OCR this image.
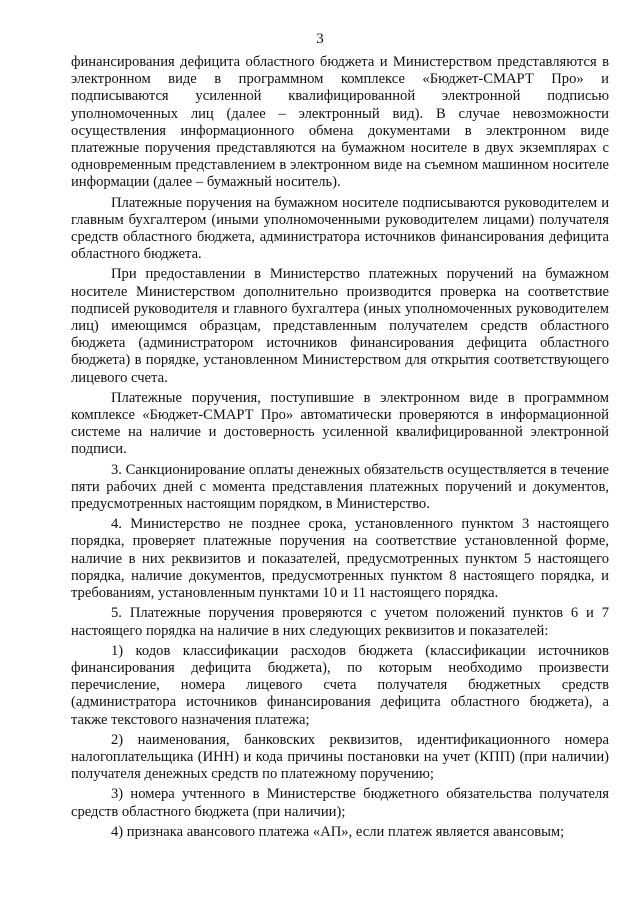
3

финансирования дефицита областного бюджета и Министерством представляются в электронном виде в программном комплексе «Бюджет-СМАРТ Про» и подписываются усиленной квалифицированной электронной подписью уполномоченных лиц (далее – электронный вид). В случае невозможности осуществления информационного обмена документами в электронном виде платежные поручения представляются на бумажном носителе в двух экземплярах с одновременным представлением в электронном виде на съемном машинном носителе информации (далее – бумажный носитель).

Платежные поручения на бумажном носителе подписываются руководителем и главным бухгалтером (иными уполномоченными руководителем лицами) получателя средств областного бюджета, администратора источников финансирования дефицита областного бюджета.

При предоставлении в Министерство платежных поручений на бумажном носителе Министерством дополнительно производится проверка на соответствие подписей руководителя и главного бухгалтера (иных уполномоченных руководителем лиц) имеющимся образцам, представленным получателем средств областного бюджета (администратором источников финансирования дефицита областного бюджета) в порядке, установленном Министерством для открытия соответствующего лицевого счета.

Платежные поручения, поступившие в электронном виде в программном комплексе «Бюджет-СМАРТ Про» автоматически проверяются в информационной системе на наличие и достоверность усиленной квалифицированной электронной подписи.

3. Санкционирование оплаты денежных обязательств осуществляется в течение пяти рабочих дней с момента представления платежных поручений и документов, предусмотренных настоящим порядком, в Министерство.

4. Министерство не позднее срока, установленного пунктом 3 настоящего порядка, проверяет платежные поручения на соответствие установленной форме, наличие в них реквизитов и показателей, предусмотренных пунктом 5 настоящего порядка, наличие документов, предусмотренных пунктом 8 настоящего порядка, и требованиям, установленным пунктами 10 и 11 настоящего порядка.

5. Платежные поручения проверяются с учетом положений пунктов 6 и 7 настоящего порядка на наличие в них следующих реквизитов и показателей:

1) кодов классификации расходов бюджета (классификации источников финансирования дефицита бюджета), по которым необходимо произвести перечисление, номера лицевого счета получателя бюджетных средств (администратора источников финансирования дефицита областного бюджета), а также текстового назначения платежа;

2) наименования, банковских реквизитов, идентификационного номера налогоплательщика (ИНН) и кода причины постановки на учет (КПП) (при наличии) получателя денежных средств по платежному поручению;

3) номера учтенного в Министерстве бюджетного обязательства получателя средств областного бюджета (при наличии);

4) признака авансового платежа «АП», если платеж является авансовым;
